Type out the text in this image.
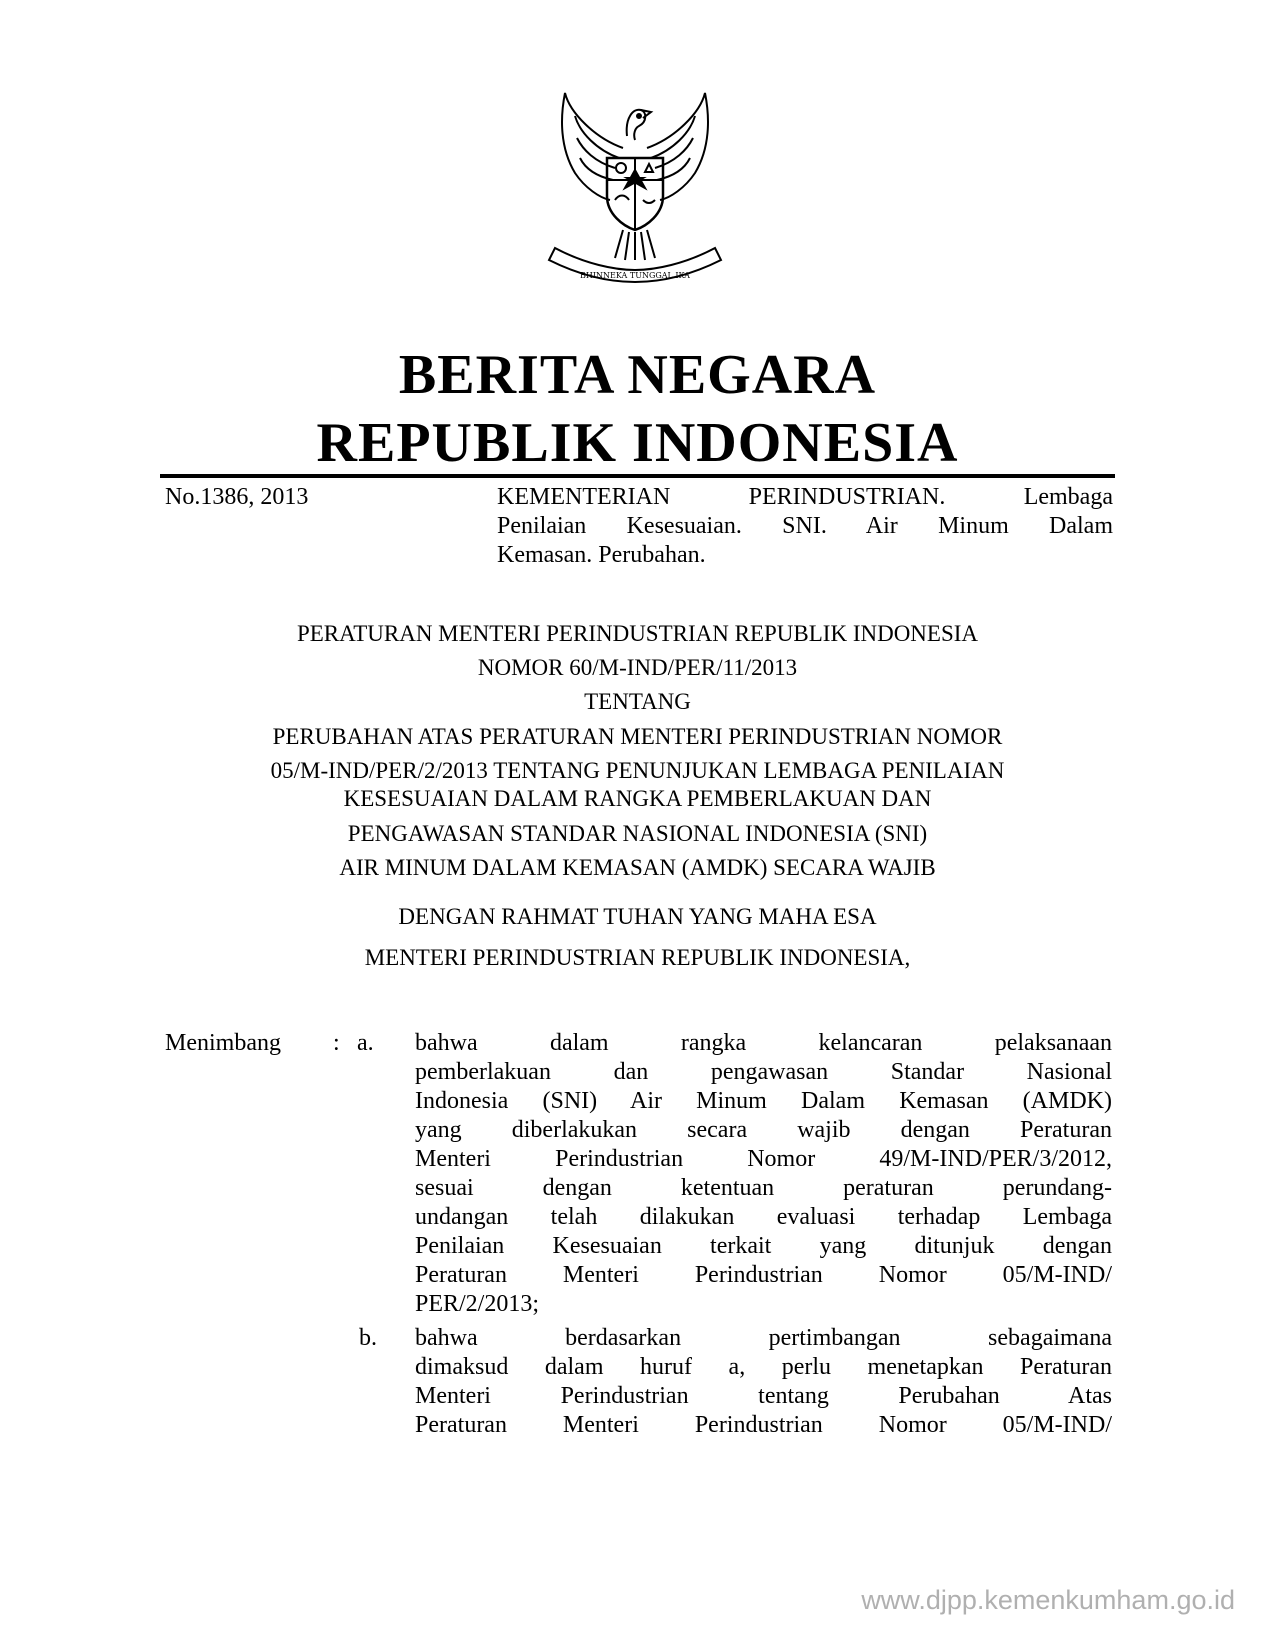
BHINNEKA TUNGGAL IKA
BERITA NEGARA
REPUBLIK INDONESIA
No.1386, 2013	KEMENTERIAN PERINDUSTRIAN. Lembaga
Penilaian Kesesuaian. SNI. Air Minum Dalam
Kemasan. Perubahan.
PERATURAN MENTERI PERINDUSTRIAN REPUBLIK INDONESIA
NOMOR 60/M-IND/PER/11/2013
TENTANG
PERUBAHAN ATAS PERATURAN MENTERI PERINDUSTRIAN NOMOR
05/M-IND/PER/2/2013 TENTANG PENUNJUKAN LEMBAGA PENILAIAN
KESESUAIAN DALAM RANGKA PEMBERLAKUAN DAN
PENGAWASAN STANDAR NASIONAL INDONESIA (SNI)
AIR MINUM DALAM KEMASAN (AMDK) SECARA WAJIB
DENGAN RAHMAT TUHAN YANG MAHA ESA
MENTERI PERINDUSTRIAN REPUBLIK INDONESIA,
Menimbang : a. bahwa dalam rangka kelancaran pelaksanaan
pemberlakuan dan pengawasan Standar Nasional
Indonesia (SNI) Air Minum Dalam Kemasan (AMDK)
yang diberlakukan secara wajib dengan Peraturan
Menteri Perindustrian Nomor 49/M-IND/PER/3/2012,
sesuai dengan ketentuan peraturan perundang-
undangan telah dilakukan evaluasi terhadap Lembaga
Penilaian Kesesuaian terkait yang ditunjuk dengan
Peraturan Menteri Perindustrian Nomor 05/M-IND/
PER/2/2013;
b. bahwa berdasarkan pertimbangan sebagaimana
dimaksud dalam huruf a, perlu menetapkan Peraturan
Menteri Perindustrian tentang Perubahan Atas
Peraturan Menteri Perindustrian Nomor 05/M-IND/
www.djpp.kemenkumham.go.id
